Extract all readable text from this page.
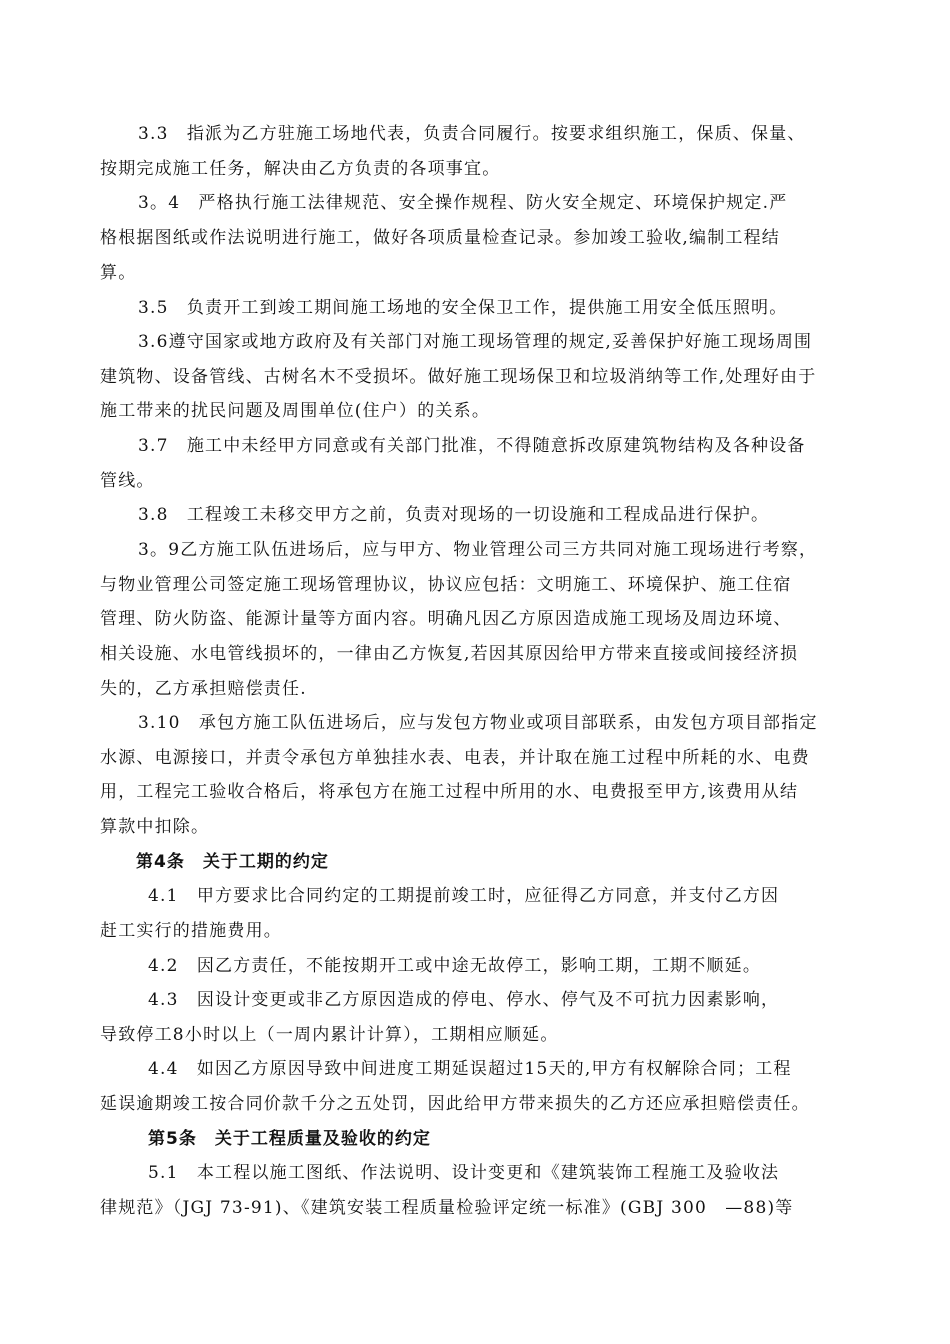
3.3　指派为乙方驻施工场地代表，负责合同履行。按要求组织施工，保质、保量、
按期完成施工任务，解决由乙方负责的各项事宜。
3。4　严格执行施工法律规范、安全操作规程、防火安全规定、环境保护规定.严
格根据图纸或作法说明进行施工，做好各项质量检查记录。参加竣工验收,编制工程结
算。
3.5　负责开工到竣工期间施工场地的安全保卫工作，提供施工用安全低压照明。
3.6遵守国家或地方政府及有关部门对施工现场管理的规定,妥善保护好施工现场周围
建筑物、设备管线、古树名木不受损坏。做好施工现场保卫和垃圾消纳等工作,处理好由于
施工带来的扰民问题及周围单位(住户）的关系。
3.7　施工中未经甲方同意或有关部门批准，不得随意拆改原建筑物结构及各种设备
管线。
3.8　工程竣工未移交甲方之前，负责对现场的一切设施和工程成品进行保护。
3。9乙方施工队伍进场后，应与甲方、物业管理公司三方共同对施工现场进行考察，
与物业管理公司签定施工现场管理协议，协议应包括：文明施工、环境保护、施工住宿
管理、防火防盗、能源计量等方面内容。明确凡因乙方原因造成施工现场及周边环境、
相关设施、水电管线损坏的，一律由乙方恢复,若因其原因给甲方带来直接或间接经济损
失的，乙方承担赔偿责任.
3.10　承包方施工队伍进场后，应与发包方物业或项目部联系，由发包方项目部指定
水源、电源接口，并责令承包方单独挂水表、电表，并计取在施工过程中所耗的水、电费
用，工程完工验收合格后，将承包方在施工过程中所用的水、电费报至甲方,该费用从结
算款中扣除。
第4条　关于工期的约定
4.1　甲方要求比合同约定的工期提前竣工时，应征得乙方同意，并支付乙方因
赶工实行的措施费用。
4.2　因乙方责任，不能按期开工或中途无故停工，影响工期，工期不顺延。
4.3　因设计变更或非乙方原因造成的停电、停水、停气及不可抗力因素影响，
导致停工8小时以上（一周内累计计算），工期相应顺延。
4.4　如因乙方原因导致中间进度工期延误超过15天的,甲方有权解除合同；工程
延误逾期竣工按合同价款千分之五处罚，因此给甲方带来损失的乙方还应承担赔偿责任。
第5条　关于工程质量及验收的约定
5.1　本工程以施工图纸、作法说明、设计变更和《建筑装饰工程施工及验收法
律规范》（JGJ 73-91)、《建筑安装工程质量检验评定统一标准》(GBJ 300　—88)等
